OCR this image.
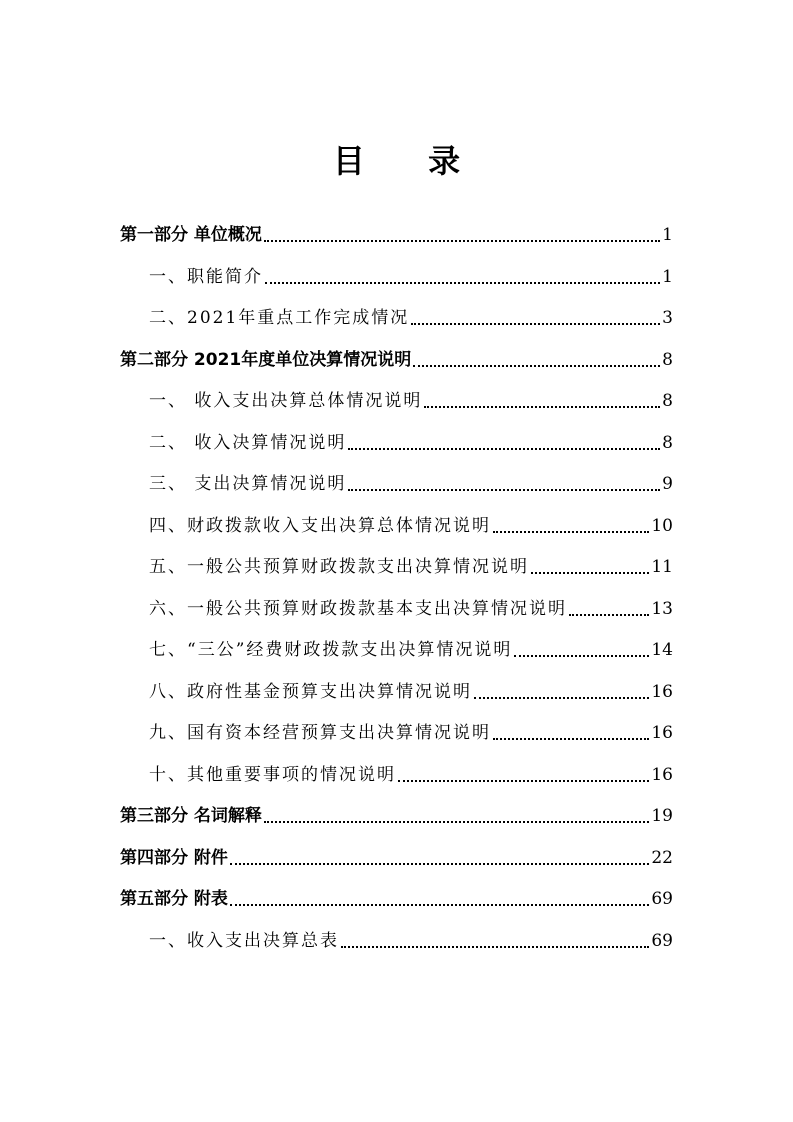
目 录
第一部分 单位概况	1
一、职能简介	1
二、2021年重点工作完成情况	3
第二部分 2021年度单位决算情况说明	8
一、 收入支出决算总体情况说明	8
二、 收入决算情况说明	8
三、 支出决算情况说明	9
四、财政拨款收入支出决算总体情况说明	10
五、一般公共预算财政拨款支出决算情况说明	11
六、一般公共预算财政拨款基本支出决算情况说明	13
七、“三公”经费财政拨款支出决算情况说明	14
八、政府性基金预算支出决算情况说明	16
九、国有资本经营预算支出决算情况说明	16
十、其他重要事项的情况说明	16
第三部分 名词解释	19
第四部分 附件	22
第五部分 附表	69
一、收入支出决算总表	69
